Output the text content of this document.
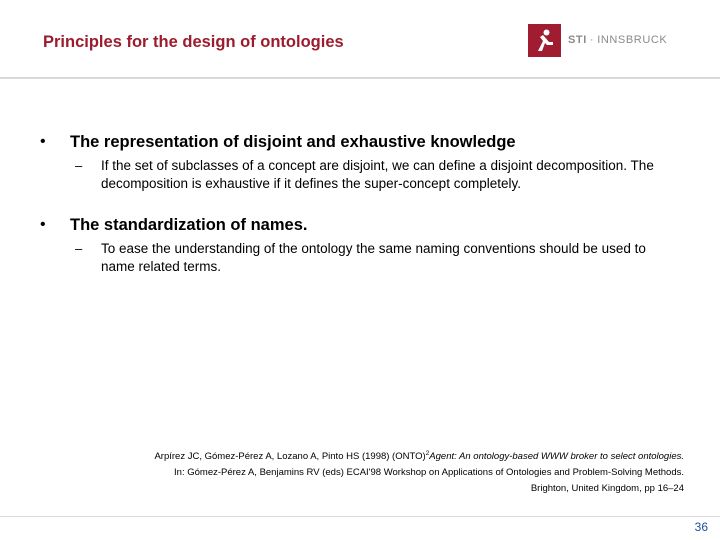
Principles for the design of ontologies	STI · INNSBRUCK
• The representation of disjoint and exhaustive knowledge
– If the set of subclasses of a concept are disjoint, we can define a disjoint decomposition. The decomposition is exhaustive if it defines the super-concept completely.
• The standardization of names.
– To ease the understanding of the ontology the same naming conventions should be used to name related terms.

Arpírez JC, Gómez-Pérez A, Lozano A, Pinto HS (1998) (ONTO)$^2$Agent: An ontology-based WWW broker to select ontologies.

In: Gómez-Pérez A, Benjamins RV (eds) ECAI'98 Workshop on Applications of Ontologies and Problem-Solving Methods.

Brighton, United Kingdom, pp 16–24

36
